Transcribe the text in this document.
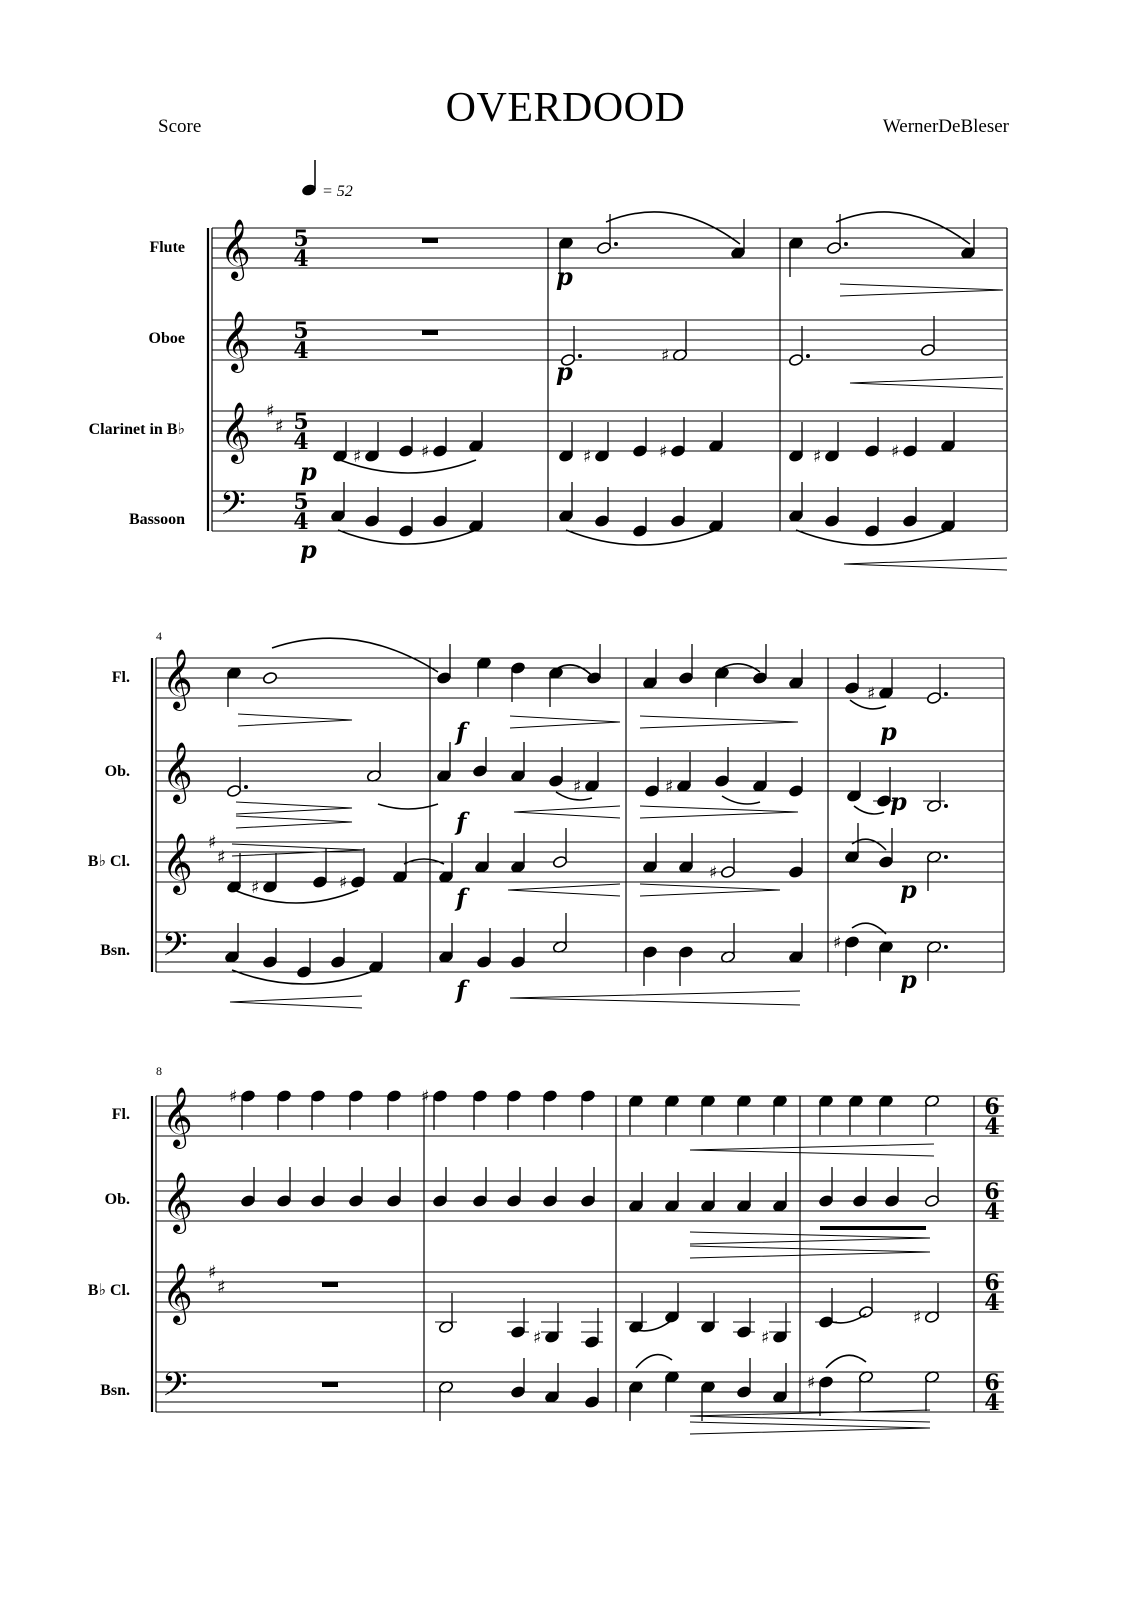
OVERDOOD
Score	WernerDeBleser
= 52
Flute
Oboe
Clarinet in B♭
Bassoon
Fl.
Ob.
B♭ Cl.
Bsn.
Fl.
Ob.
B♭ Cl.
Bsn.
4
8
𝄞 5
4
𝄞 5
4
𝄞 ♯
♯ 5
4
𝄢 5
4
p
♯
p
♯	♯
p	♯	♯	♯	♯
p
𝄞
𝄞
𝄞 ♯
♯
𝄢
f
♯
p
♯
f
♯	p
♯	♯	f
♯
p
f
♯
p
𝄞	6
4
𝄞	6
4
𝄞 ♯
♯	6
4
𝄢	6
4
♯	♯
♯	♯
♯
♯
